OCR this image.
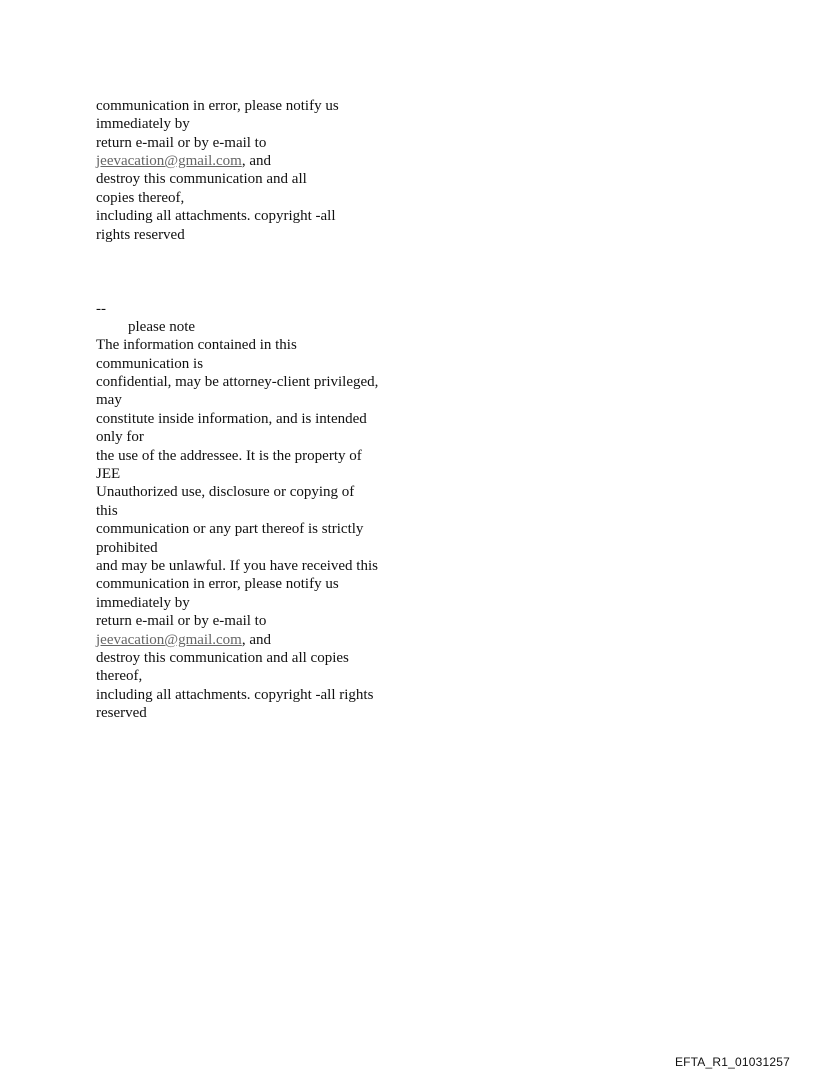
communication in error, please notify us

immediately by

return e-mail or by e-mail to

jeevacation@gmail.com, and

destroy this communication and all

copies thereof,

including all attachments. copyright -all

rights reserved

--

please note

The information contained in this

communication is

confidential, may be attorney-client privileged,

may

constitute inside information, and is intended

only for

the use of the addressee. It is the property of

JEE

Unauthorized use, disclosure or copying of

this

communication or any part thereof is strictly

prohibited

and may be unlawful. If you have received this

communication in error, please notify us

immediately by

return e-mail or by e-mail to

jeevacation@gmail.com, and

destroy this communication and all copies

thereof,

including all attachments. copyright -all rights

reserved

EFTA_R1_01031257
